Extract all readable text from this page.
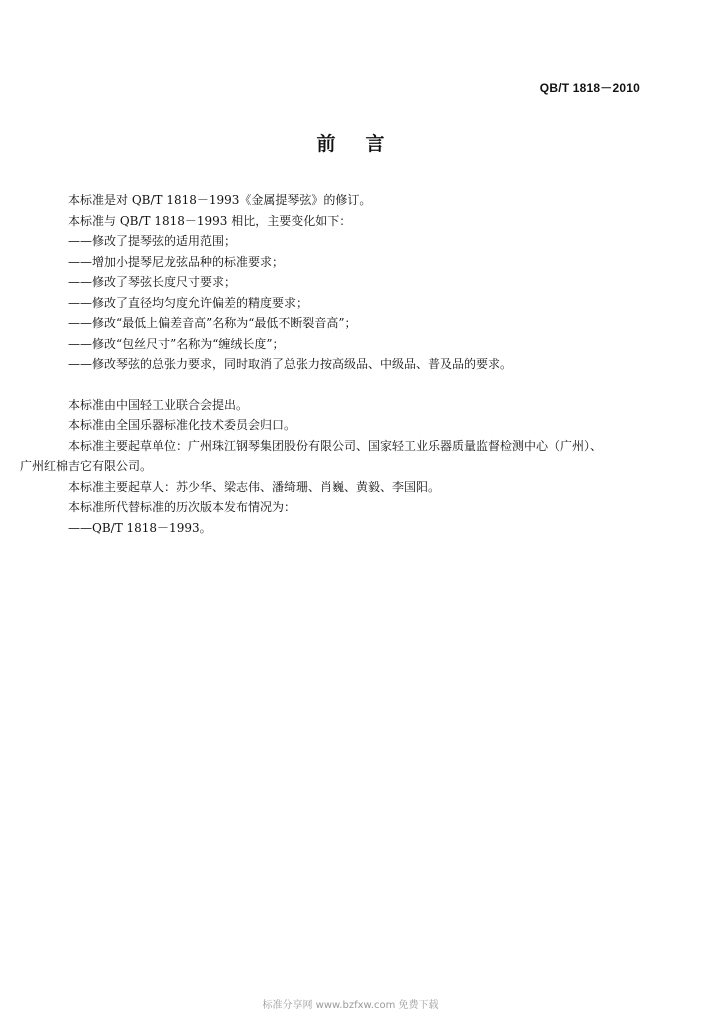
QB/T 1818－2010
前言

本标准是对 QB/T 1818－1993《金属提琴弦》的修订。

本标准与 QB/T 1818－1993 相比，主要变化如下：

——修改了提琴弦的适用范围；

——增加小提琴尼龙弦品种的标准要求；

——修改了琴弦长度尺寸要求；

——修改了直径均匀度允许偏差的精度要求；

——修改“最低上偏差音高”名称为“最低不断裂音高”；

——修改“包丝尺寸”名称为“缠绒长度”；

——修改琴弦的总张力要求，同时取消了总张力按高级品、中级品、普及品的要求。

本标准由中国轻工业联合会提出。

本标准由全国乐器标准化技术委员会归口。

本标准主要起草单位：广州珠江钢琴集团股份有限公司、国家轻工业乐器质量监督检测中心（广州）、

广州红棉吉它有限公司。

本标准主要起草人：苏少华、梁志伟、潘绮珊、肖巍、黄毅、李国阳。

本标准所代替标准的历次版本发布情况为：

——QB/T 1818－1993。

标准分享网 www.bzfxw.com 免费下载
